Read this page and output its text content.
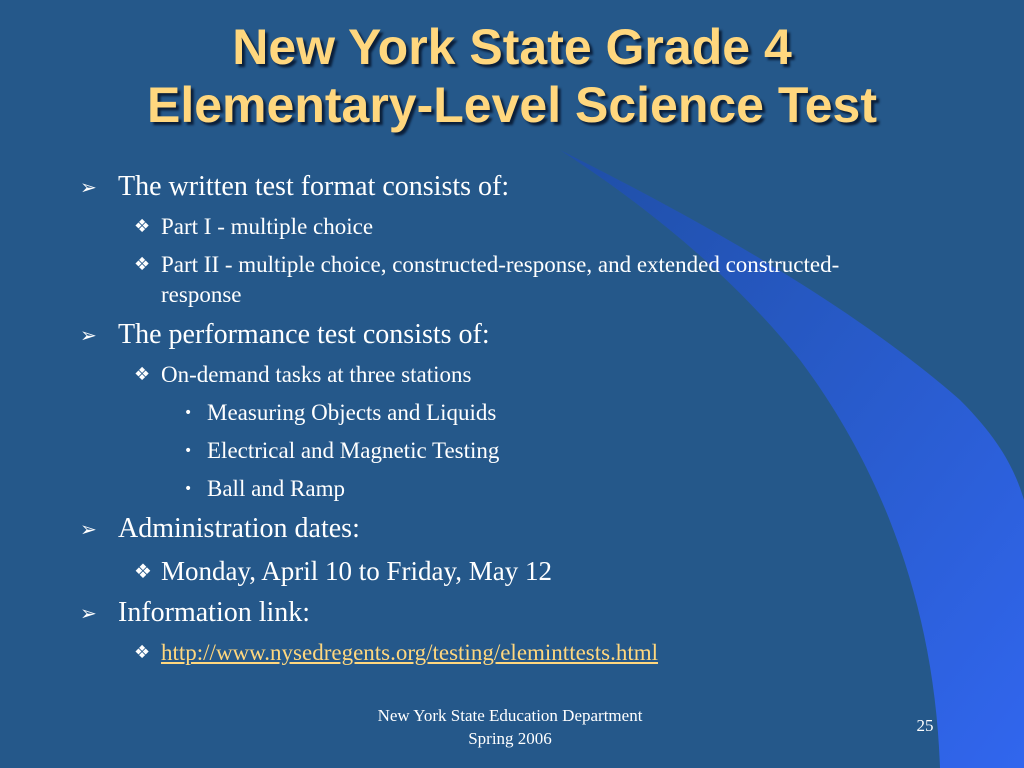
New York State Grade 4
Elementary-Level Science Test
➢ The written test format consists of:
❖ Part I - multiple choice
❖ Part II - multiple choice, constructed-response, and extended constructed-response
➢ The performance test consists of:
❖ On-demand tasks at three stations
• Measuring Objects and Liquids
• Electrical and Magnetic Testing
• Ball and Ramp
➢ Administration dates:
❖ Monday, April 10 to Friday, May 12
➢ Information link:
❖ http://www.nysedregents.org/testing/eleminttests.html
New York State Education Department
Spring 2006
25
